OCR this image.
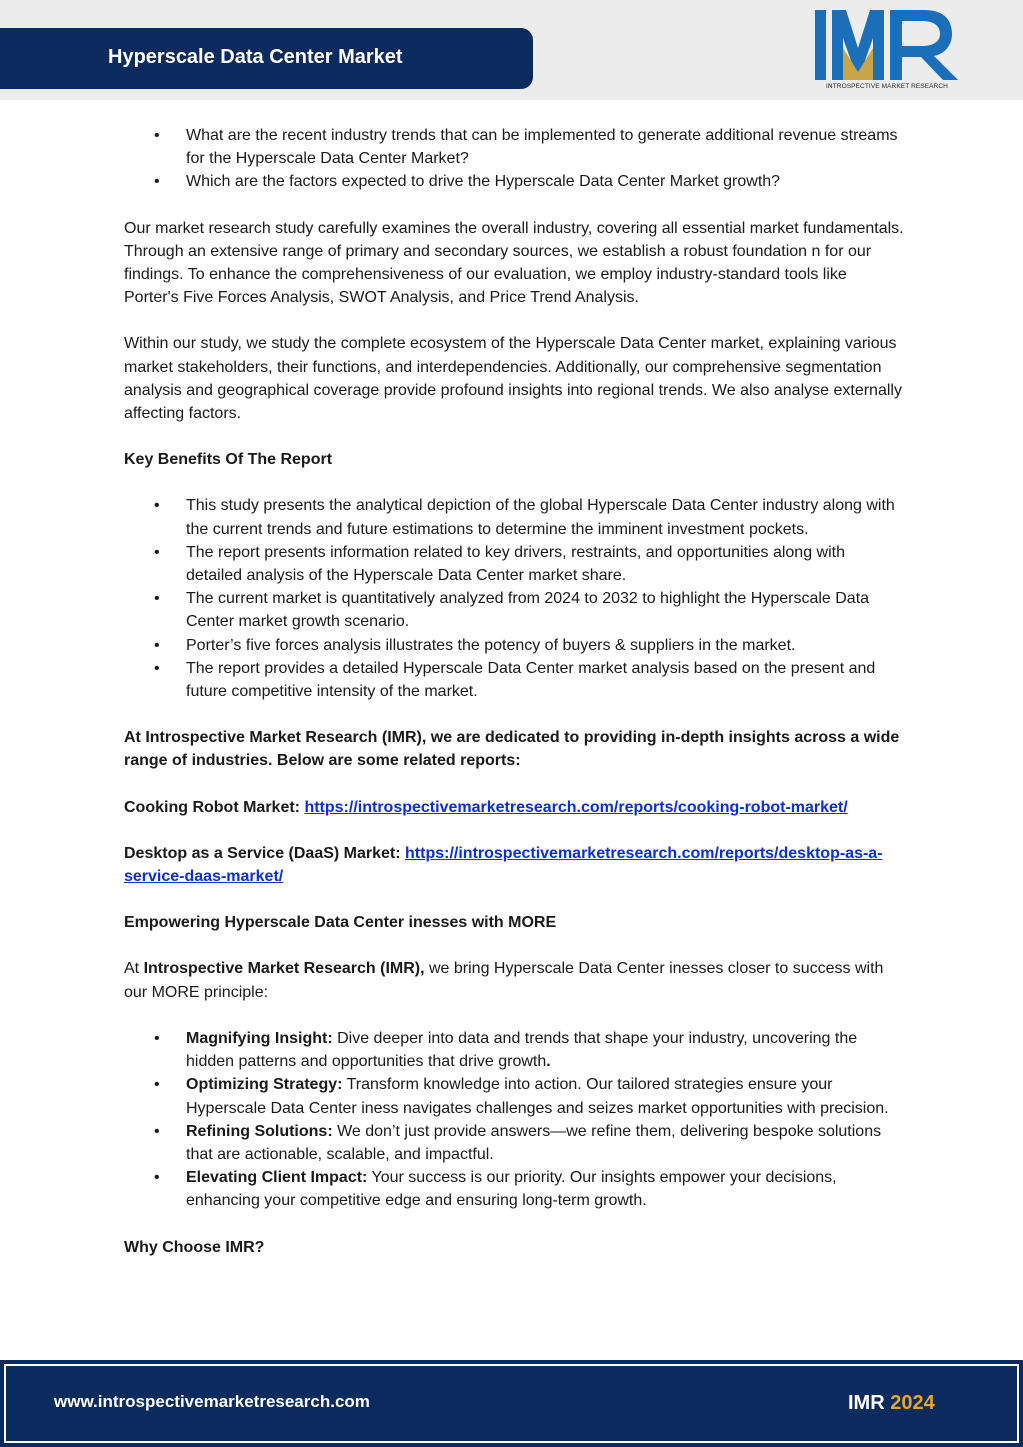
Hyperscale Data Center Market
INTROSPECTIVE MARKET RESEARCH
• What are the recent industry trends that can be implemented to generate additional revenue streams for the Hyperscale Data Center Market?
• Which are the factors expected to drive the Hyperscale Data Center Market growth?

Our market research study carefully examines the overall industry, covering all essential market fundamentals. Through an extensive range of primary and secondary sources, we establish a robust foundation n for our findings. To enhance the comprehensiveness of our evaluation, we employ industry-standard tools like Porter's Five Forces Analysis, SWOT Analysis, and Price Trend Analysis.

Within our study, we study the complete ecosystem of the Hyperscale Data Center market, explaining various market stakeholders, their functions, and interdependencies. Additionally, our comprehensive segmentation analysis and geographical coverage provide profound insights into regional trends. We also analyse externally affecting factors.

Key Benefits Of The Report

• This study presents the analytical depiction of the global Hyperscale Data Center industry along with the current trends and future estimations to determine the imminent investment pockets.
• The report presents information related to key drivers, restraints, and opportunities along with detailed analysis of the Hyperscale Data Center market share.
• The current market is quantitatively analyzed from 2024 to 2032 to highlight the Hyperscale Data Center market growth scenario.
• Porter’s five forces analysis illustrates the potency of buyers & suppliers in the market.
• The report provides a detailed Hyperscale Data Center market analysis based on the present and future competitive intensity of the market.

At Introspective Market Research (IMR), we are dedicated to providing in-depth insights across a wide range of industries. Below are some related reports:

Cooking Robot Market: https://introspectivemarketresearch.com/reports/cooking-robot-market/

Desktop as a Service (DaaS) Market: https://introspectivemarketresearch.com/reports/desktop-as-a-service-daas-market/

Empowering Hyperscale Data Center inesses with MORE

At Introspective Market Research (IMR), we bring Hyperscale Data Center inesses closer to success with our MORE principle:

• Magnifying Insight: Dive deeper into data and trends that shape your industry, uncovering the hidden patterns and opportunities that drive growth.
• Optimizing Strategy: Transform knowledge into action. Our tailored strategies ensure your Hyperscale Data Center iness navigates challenges and seizes market opportunities with precision.
• Refining Solutions: We don’t just provide answers—we refine them, delivering bespoke solutions that are actionable, scalable, and impactful.
• Elevating Client Impact: Your success is our priority. Our insights empower your decisions, enhancing your competitive edge and ensuring long-term growth.

Why Choose IMR?

www.introspectivemarketresearch.com	IMR 2024
